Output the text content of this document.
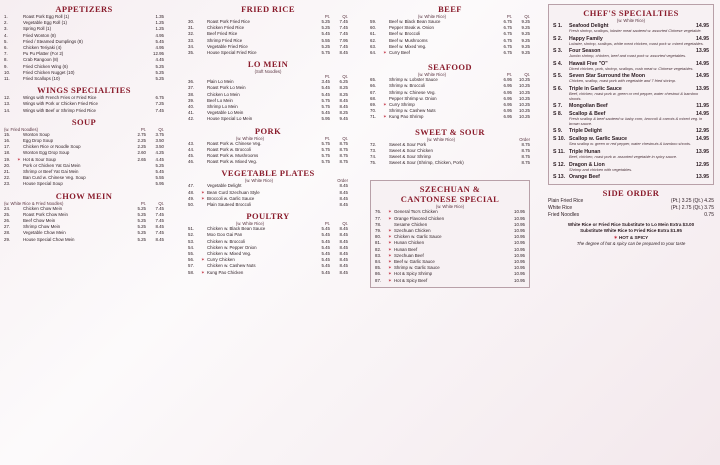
APPETIZERS
1.	Roast Pork Egg Roll (1)	1.35
2.	Vegetable Egg Roll (1)	1.25
3.	Spring Roll (1)	1.25
4.	Fried Wonton (8)	4.95
5.	Fried / Steamed Dumplings (8)	5.45
6.	Chicken Teriyaki (4)	4.95
7.	Pu Pu Platter (For 2)	12.95
8.	Crab Rangoon (8)	4.45
9.	Fried Chicken Wing (6)	5.25
10.	Fried Chicken Nugget (10)	5.25
11.	Fried Scallops (10)	5.25
WINGS SPECIALTIES
12.	Wings with French Fries or Fried Rice	6.75
13.	Wings with Pork or Chicken Fried Rice	7.25
14.	Wings with Beef or Shrimp Fried Rice	7.45
SOUP
(w. Fried Noodles)	Pt.	Qt.
15.	Wonton Soup	2.75	3.75
16.	Egg Drop Soup	2.25	3.50
17.	Chicken Rice or Noodle Soup	2.25	3.50
18.	Wonton Egg Drop Soup	2.60	4.25
19.	✶ Hot & Sour Soup	2.65	4.45
20.	Pork or Chicken Yat Gai Mein	5.25
21.	Shrimp or Beef Yat Gai Mein	5.45
22.	Ban Curd w. Chinese Veg. Soup	5.55
23.	House Special Soup	5.95
CHOW MEIN
(w. White Rice & Fried Noodles)	Pt.	Qt.
24.	Chicken Chow Mein	5.25	7.45
25.	Roast Pork Chow Mein	5.25	7.45
26.	Beef Chow Mein	5.25	7.45
27.	Shrimp Chow Mein	5.25	8.45
28.	Vegetable Chow Mein	5.25	7.45
29.	House Special Chow Mein	5.25	8.45
FRIED RICE
Pt.	Qt.
30.	Roast Pork Fried Rice	5.25	7.45
31.	Chicken Fried Rice	5.25	7.45
32.	Beef Fried Rice	5.45	7.45
33.	Shrimp Fried Rice	5.55	7.95
34.	Vegetable Fried Rice	5.25	7.45
35.	House Special Fried Rice	5.75	8.45
LO MEIN
(Soft Noodles)
Pt.	Qt.
36.	Plain Lo Mein	3.45	6.25
37.	Roast Pork Lo Mein	5.45	8.25
38.	Chicken Lo Mein	5.45	8.25
39.	Beef Lo Mein	5.75	8.45
40.	Shrimp Lo Mein	5.75	8.45
41.	Vegetable Lo Mein	5.45	8.25
42.	House Special Lo Mein	5.95	9.45
PORK
(w. White Rice)	Pt.	Qt.
43.	Roast Pork w. Chinese Veg.	5.75	8.75
44.	Roast Pork w. Broccoli	5.75	8.75
45.	Roast Pork w. Mushrooms	5.75	8.75
46.	Roast Pork w. Mixed Veg.	5.75	8.75
VEGETABLE PLATES
(w. White Rice)	Order
47.	Vegetable Delight	8.45
48.	✶ Bean Curd Szechuan Style	8.45
49.	✶ Broccoli w. Garlic Sauce	8.45
50.	Plain Sauteed Broccoli	8.45
POULTRY
(w. White Rice)	Pt.	Qt.
51.	Chicken w. Black Bean Sauce	5.45	8.45
52.	Moo Goo Gai Pan	5.45	8.45
53.	Chicken w. Broccoli	5.45	8.45
54.	Chicken w. Pepper Onion	5.45	8.45
55.	Chicken w. Mixed Veg.	5.45	8.45
56.	✶ Curry Chicken	5.45	8.45
57.	Chicken w. Cashew Nuts	5.45	8.45
58.	✶ Kung Pao Chicken	5.45	8.45
BEEF
(w. White Rice)	Pt.	Qt.
59.	Beef w. Black Bean Sauce	6.75	9.25
60.	Pepper Steak w. Onion	6.75	9.25
61.	Beef w. Broccoli	6.75	9.25
62.	Beef w. Mushrooms	6.75	9.25
63.	Beef w. Mixed Veg.	6.75	9.25
64.	✶ Curry Beef	6.75	9.25
SEAFOOD
(w. White Rice)	Pt.	Qt.
65.	Shrimp w. Lobster Sauce	6.95	10.25
66.	Shrimp w. Broccoli	6.95	10.25
67.	Shrimp w. Chinese Veg.	6.95	10.25
68.	Pepper Shrimp w. Onion	6.95	10.25
69.	✶ Curry Shrimp	6.95	10.25
70.	Shrimp w. Cashew Nuts	6.95	10.25
71.	✶ Kung Pao Shrimp	6.95	10.25
SWEET & SOUR
(w. White Rice)	Order
72.	Sweet & Sour Pork	8.75
73.	Sweet & Sour Chicken	8.75
74.	Sweet & Sour Shrimp	8.75
75.	Sweet & Sour (Shrimp, Chicken, Pork)	8.75
SZECHUAN &
CANTONESE SPECIAL
(w. White Rice)
76.	✶ General Tso's Chicken	10.95
77.	✶ Orange Flavored Chicken	10.95
78.	Sesame Chicken	10.95
79.	✶ Szechuan Chicken	10.95
80.	✶ Chicken w. Garlic Sauce	10.95
81.	✶ Hunan Chicken	10.95
82.	✶ Hunan Beef	10.95
83.	✶ Szechuan Beef	10.95
84.	✶ Beef w. Garlic Sauce	10.95
85.	✶ Shrimp w. Garlic Sauce	10.95
86.	✶ Hot & Spicy Shrimp	10.95
87.	✶ Hot & Spicy Beef	10.95
CHEF'S SPECIALTIES
(w. White Rice)
S 1.	Seafood Delight	14.95
Fresh shrimp, scallops, lobster meat sauteed w. assorted Chinese vegetable.
S 2.	Happy Family	14.95
Lobster, shrimp, scallops, white meat chicken, roast pork w. mixed vegetables.
S 3.	Four Season	13.95
Jumbo shrimp, chicken, beef and roast pork w. assorted vegetables.
S 4.	Hawaii Five "O"	14.95
Diced chicken, pork, shrimp, scallops, crab meat w. Chinese vegetables.
S 5.	Seven Star Surround the Moon	14.95
Chicken, scallop, roast pork with vegetable and 7 fried shrimp.
S 6.	Triple in Garlic Sauce	13.95
Beef, chicken, roast pork w. green or red pepper, water chestnut & bamboo shoots.
S 7.	Mongolian Beef	11.95
S 8.	Scallop & Beef	14.95
Fresh scallop & beef sauteed w. baby corn, broccoli & carrots & mixed veg. in brown sauce.
S 9.	Triple Delight	12.95
S 10. Scallop w. Garlic Sauce	14.95
Sea scallop w. green or red pepper, water chestnuts & bamboo shoots.
S 11. Triple Hunan	13.95
Beef, chicken, roast pork w. assorted vegetable in spicy sauce.
S 12. Dragon & Lion	12.95
Shrimp and chicken with vegetables.
S 13. Orange Beef	13.95
SIDE ORDER
Plain Fried Rice	(Pt.) 3.25 (Qt.) 4.25
White Rice	(Pt.) 2.75 (Qt.) 3.75
Fried Noodles	0.75
White Rice or Fried Rice Substitute to Lo Mein Extra $3.00
Substitute White Rice to Fried Rice Extra $1.95
✶ HOT & SPICY
The degree of hot & spicy can be prepared to your taste
